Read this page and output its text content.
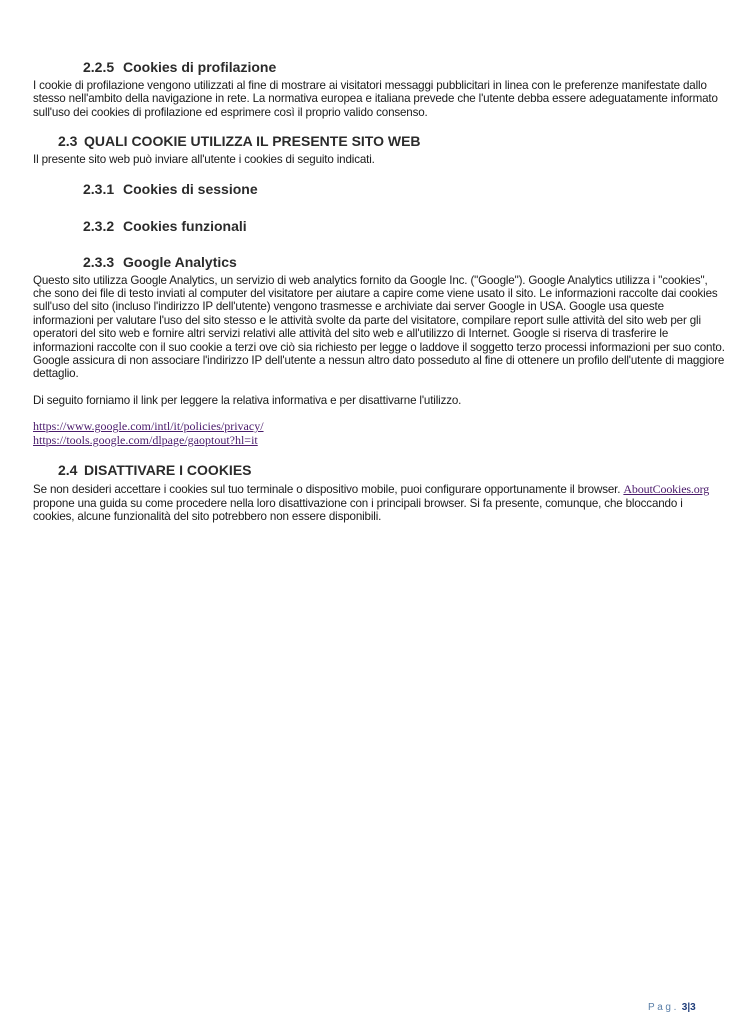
2.2.5 Cookies di profilazione

I cookie di profilazione vengono utilizzati al fine di mostrare ai visitatori messaggi pubblicitari in linea con le preferenze manifestate dallo stesso nell'ambito della navigazione in rete. La normativa europea e italiana prevede che l'utente debba essere adeguatamente informato sull'uso dei cookies di profilazione ed esprimere così il proprio valido consenso.

2.3 QUALI COOKIE UTILIZZA IL PRESENTE SITO WEB

Il presente sito web può inviare all'utente i cookies di seguito indicati.

2.3.1 Cookies di sessione
2.3.2 Cookies funzionali
2.3.3 Google Analytics

Questo sito utilizza Google Analytics, un servizio di web analytics fornito da Google Inc. ("Google"). Google Analytics utilizza i "cookies", che sono dei file di testo inviati al computer del visitatore per aiutare a capire come viene usato il sito. Le informazioni raccolte dai cookies sull'uso del sito (incluso l'indirizzo IP dell'utente) vengono trasmesse e archiviate dai server Google in USA. Google usa queste informazioni per valutare l'uso del sito stesso e le attività svolte da parte del visitatore, compilare report sulle attività del sito web per gli operatori del sito web e fornire altri servizi relativi alle attività del sito web e all'utilizzo di Internet. Google si riserva di trasferire le informazioni raccolte con il suo cookie a terzi ove ciò sia richiesto per legge o laddove il soggetto terzo processi informazioni per suo conto. Google assicura di non associare l'indirizzo IP dell'utente a nessun altro dato posseduto al fine di ottenere un profilo dell'utente di maggiore dettaglio.

Di seguito forniamo il link per leggere la relativa informativa e per disattivarne l'utilizzo.

https://www.google.com/intl/it/policies/privacy/
https://tools.google.com/dlpage/gaoptout?hl=it
2.4 DISATTIVARE I COOKIES

Se non desideri accettare i cookies sul tuo terminale o dispositivo mobile, puoi configurare opportunamente il browser. AboutCookies.org propone una guida su come procedere nella loro disattivazione con i principali browser. Si fa presente, comunque, che bloccando i cookies, alcune funzionalità del sito potrebbero non essere disponibili.

Pag. 3|3
